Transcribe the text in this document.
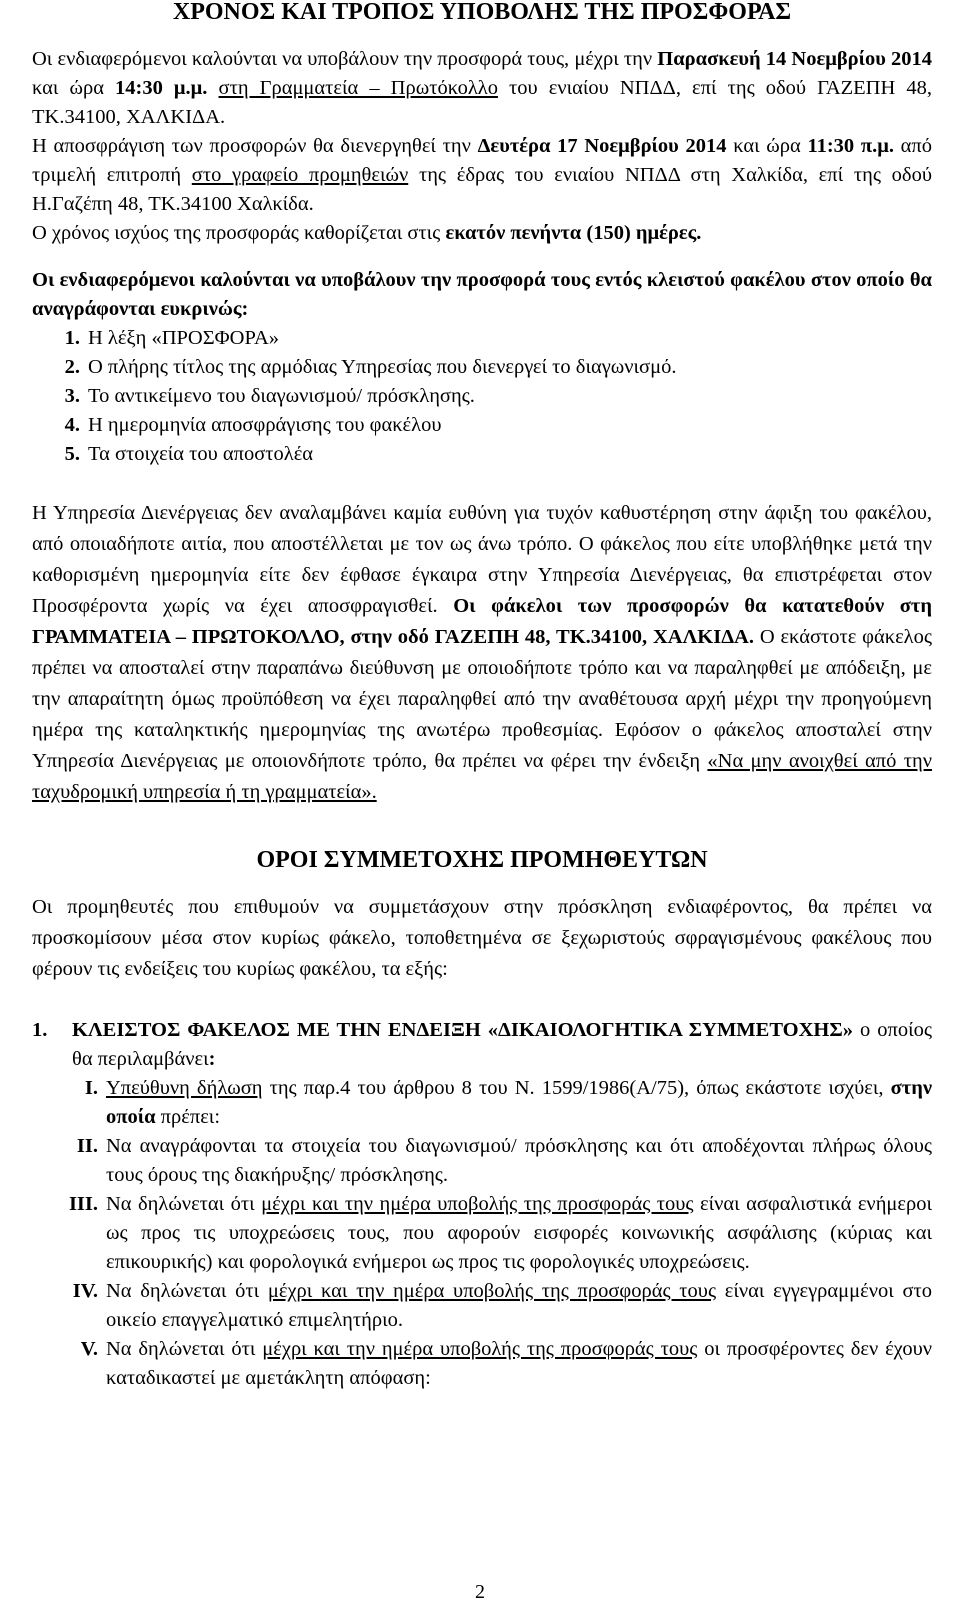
ΧΡΟΝΟΣ ΚΑΙ ΤΡΟΠΟΣ ΥΠΟΒΟΛΗΣ ΤΗΣ ΠΡΟΣΦΟΡΑΣ

Οι ενδιαφερόμενοι καλούνται να υποβάλουν την προσφορά τους, μέχρι την Παρασκευή 14 Νοεμβρίου 2014 και ώρα 14:30 μ.μ. στη Γραμματεία – Πρωτόκολλο του ενιαίου ΝΠΔΔ, επί της οδού ΓΑΖΕΠΗ 48, ΤΚ.34100, ΧΑΛΚΙΔΑ.

Η αποσφράγιση των προσφορών θα διενεργηθεί την Δευτέρα 17 Νοεμβρίου 2014 και ώρα 11:30 π.μ. από τριμελή επιτροπή στο γραφείο προμηθειών της έδρας του ενιαίου ΝΠΔΔ στη Χαλκίδα, επί της οδού Η.Γαζέπη 48, ΤΚ.34100 Χαλκίδα.

Ο χρόνος ισχύος της προσφοράς καθορίζεται στις εκατόν πενήντα (150) ημέρες.

Οι ενδιαφερόμενοι καλούνται να υποβάλουν την προσφορά τους εντός κλειστού φακέλου στον οποίο θα αναγράφονται ευκρινώς:

1. Η λέξη «ΠΡΟΣΦΟΡΑ»

2. Ο πλήρης τίτλος της αρμόδιας Υπηρεσίας που διενεργεί το διαγωνισμό.

3. Το αντικείμενο του διαγωνισμού/ πρόσκλησης.

4. Η ημερομηνία αποσφράγισης του φακέλου

5. Τα στοιχεία του αποστολέα

Η Υπηρεσία Διενέργειας δεν αναλαμβάνει καμία ευθύνη για τυχόν καθυστέρηση στην άφιξη του φακέλου, από οποιαδήποτε αιτία, που αποστέλλεται με τον ως άνω τρόπο. Ο φάκελος που είτε υποβλήθηκε μετά την καθορισμένη ημερομηνία είτε δεν έφθασε έγκαιρα στην Υπηρεσία Διενέργειας, θα επιστρέφεται στον Προσφέροντα χωρίς να έχει αποσφραγισθεί. Οι φάκελοι των προσφορών θα κατατεθούν στη ΓΡΑΜΜΑΤΕΙΑ – ΠΡΩΤΟΚΟΛΛΟ, στην οδό ΓΑΖΕΠΗ 48, ΤΚ.34100, ΧΑΛΚΙΔΑ. Ο εκάστοτε φάκελος πρέπει να αποσταλεί στην παραπάνω διεύθυνση με οποιοδήποτε τρόπο και να παραληφθεί με απόδειξη, με την απαραίτητη όμως προϋπόθεση να έχει παραληφθεί από την αναθέτουσα αρχή μέχρι την προηγούμενη ημέρα της καταληκτικής ημερομηνίας της ανωτέρω προθεσμίας. Εφόσον ο φάκελος αποσταλεί στην Υπηρεσία Διενέργειας με οποιονδήποτε τρόπο, θα πρέπει να φέρει την ένδειξη «Να μην ανοιχθεί από την ταχυδρομική υπηρεσία ή τη γραμματεία».

ΟΡΟΙ ΣΥΜΜΕΤΟΧΗΣ ΠΡΟΜΗΘΕΥΤΩΝ

Οι προμηθευτές που επιθυμούν να συμμετάσχουν στην πρόσκληση ενδιαφέροντος, θα πρέπει να προσκομίσουν μέσα στον κυρίως φάκελο, τοποθετημένα σε ξεχωριστούς σφραγισμένους φακέλους που φέρουν τις ενδείξεις του κυρίως φακέλου, τα εξής:

1.	ΚΛΕΙΣΤΟΣ ΦΑΚΕΛΟΣ ΜΕ ΤΗΝ ΕΝΔΕΙΞΗ «ΔΙΚΑΙΟΛΟΓΗΤΙΚΑ ΣΥΜΜΕΤΟΧΗΣ» ο οποίος θα περιλαμβάνει:

Ι. Υπεύθυνη δήλωση της παρ.4 του άρθρου 8 του Ν. 1599/1986(Α/75), όπως εκάστοτε ισχύει, στην οποία πρέπει:

ΙΙ. Να αναγράφονται τα στοιχεία του διαγωνισμού/ πρόσκλησης και ότι αποδέχονται πλήρως όλους τους όρους της διακήρυξης/ πρόσκλησης.

ΙΙΙ. Να δηλώνεται ότι μέχρι και την ημέρα υποβολής της προσφοράς τους είναι ασφαλιστικά ενήμεροι ως προς τις υποχρεώσεις τους, που αφορούν εισφορές κοινωνικής ασφάλισης (κύριας και επικουρικής) και φορολογικά ενήμεροι ως προς τις φορολογικές υποχρεώσεις.

ΙV. Να δηλώνεται ότι μέχρι και την ημέρα υποβολής της προσφοράς τους είναι εγγεγραμμένοι στο οικείο επαγγελματικό επιμελητήριο.

V. Να δηλώνεται ότι μέχρι και την ημέρα υποβολής της προσφοράς τους οι προσφέροντες δεν έχουν καταδικαστεί με αμετάκλητη απόφαση:

2
